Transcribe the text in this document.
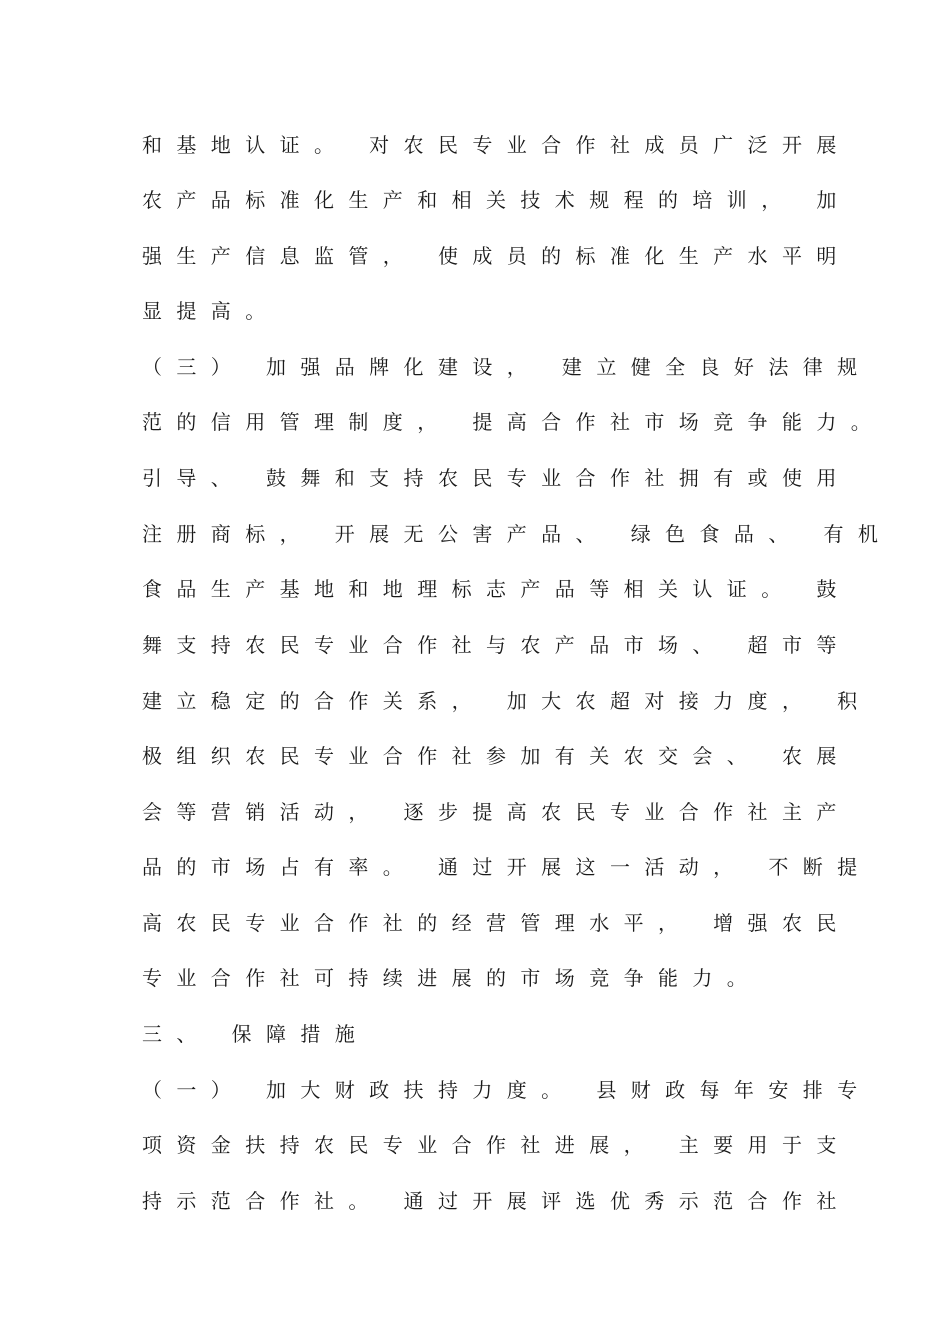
和基地认证。 对农民专业合作社成员广泛开展
农产品标准化生产和相关技术规程的培训， 加
强生产信息监管， 使成员的标准化生产水平明
显提高。
（三） 加强品牌化建设， 建立健全良好法律规
范的信用管理制度， 提高合作社市场竞争能力。
引导、 鼓舞和支持农民专业合作社拥有或使用
注册商标， 开展无公害产品、 绿色食品、 有机
食品生产基地和地理标志产品等相关认证。 鼓
舞支持农民专业合作社与农产品市场、 超市等
建立稳定的合作关系， 加大农超对接力度， 积
极组织农民专业合作社参加有关农交会、 农展
会等营销活动， 逐步提高农民专业合作社主产
品的市场占有率。 通过开展这一活动， 不断提
高农民专业合作社的经营管理水平， 增强农民
专业合作社可持续进展的市场竞争能力。
三、 保障措施
（一） 加大财政扶持力度。 县财政每年安排专
项资金扶持农民专业合作社进展， 主要用于支
持示范合作社。 通过开展评选优秀示范合作社
